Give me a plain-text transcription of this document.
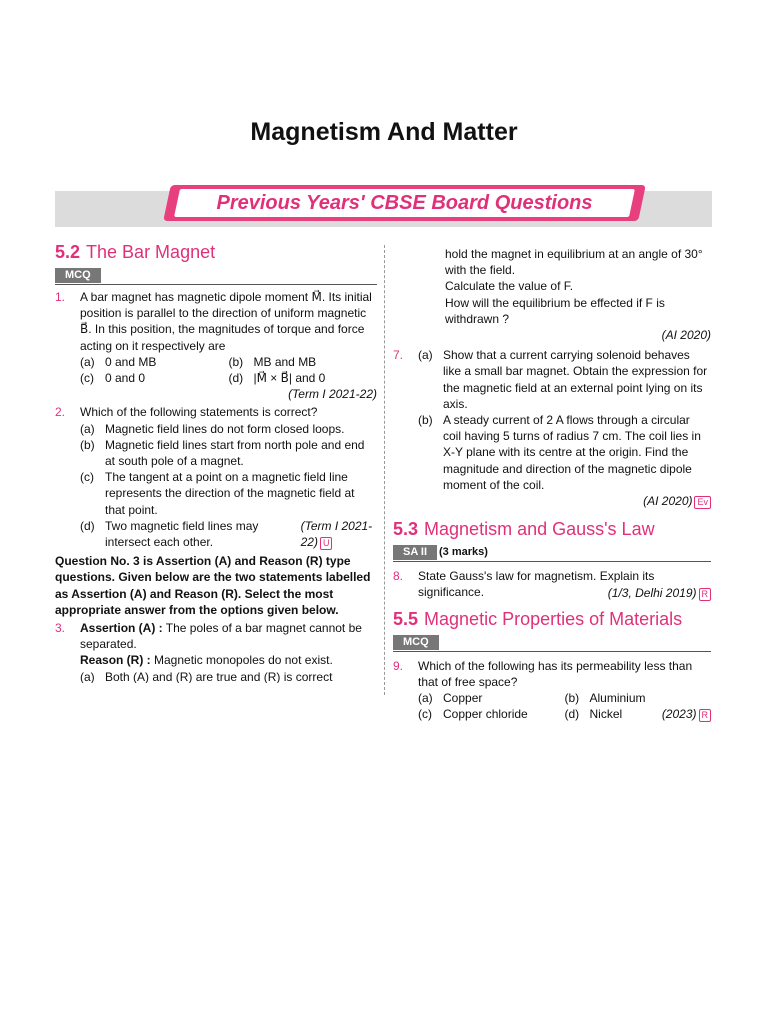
Magnetism And Matter
Previous Years' CBSE Board Questions
5.2 The Bar Magnet
MCQ
1. A bar magnet has magnetic dipole moment M⃗. Its initial position is parallel to the direction of uniform magnetic B⃗. In this position, the magnitudes of torque and force acting on it respectively are
(a) 0 and MB	(b) MB and MB
(c) 0 and 0	(d) |M⃗ × B⃗| and 0
(Term I 2021-22)
2. Which of the following statements is correct?
(a) Magnetic field lines do not form closed loops.
(b) Magnetic field lines start from north pole and end at south pole of a magnet.
(c) The tangent at a point on a magnetic field line represents the direction of the magnetic field at that point.
(d) Two magnetic field lines may intersect each other.
(Term I 2021-22) U
Question No. 3 is Assertion (A) and Reason (R) type questions. Given below are the two statements labelled as Assertion (A) and Reason (R). Select the most appropriate answer from the options given below.
3. Assertion (A) : The poles of a bar magnet cannot be separated.
Reason (R) : Magnetic monopoles do not exist.
(a) Both (A) and (R) are true and (R) is correct
hold the magnet in equilibrium at an angle of 30° with the field.
Calculate the value of F.
How will the equilibrium be effected if F is withdrawn ?
(AI 2020)
7. (a) Show that a current carrying solenoid behaves like a small bar magnet. Obtain the expression for the magnetic field at an external point lying on its axis.
(b) A steady current of 2 A flows through a circular coil having 5 turns of radius 7 cm. The coil lies in X-Y plane with its centre at the origin. Find the magnitude and direction of the magnetic dipole moment of the coil.
(AI 2020) Ev
5.3 Magnetism and Gauss's Law
SA II	(3 marks)
8. State Gauss's law for magnetism. Explain its significance.	(1/3, Delhi 2019) R
5.5 Magnetic Properties of Materials
MCQ
9. Which of the following has its permeability less than that of free space?
(a) Copper	(b) Aluminium
(c) Copper chloride	(d) Nickel	(2023) R
